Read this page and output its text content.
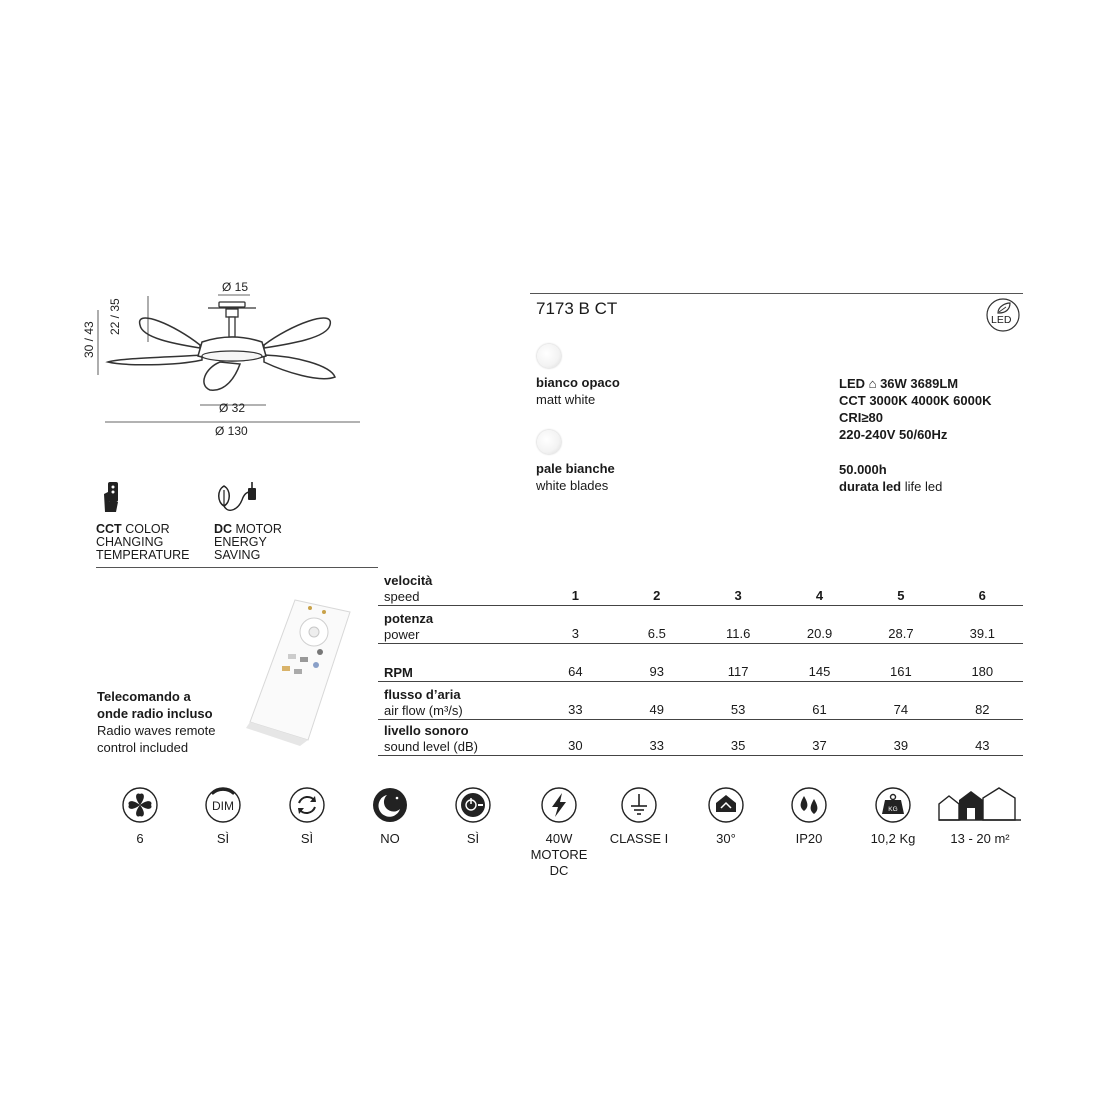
Ø 15
22 / 35
30 / 43
Ø 32
Ø 130
7173 B CT
LED
bianco opaco
matt white
pale bianche
white blades
LED ⌂ 36W 3689LM
CCT 3000K 4000K 6000K
CRI≥80
220-240V 50/60Hz
50.000h
durata led life led
CCT COLOR
CHANGING
TEMPERATURE
DC MOTOR
ENERGY
SAVING
Telecomando a
onde radio incluso
Radio waves remote
control included
velocità
speed	1	2	3	4	5	6

potenza
power	3	6.5	11.6	20.9	28.7	39.1

RPM	64	93	117	145	161	180

flusso d’aria
air flow (m³/s)	33	49	53	61	74	82

livello sonoro
sound level (dB)	30	33	35	37	39	43
6
DIM
SÌ	SÌ	NO	SÌ	40W
MOTORE
DC
CLASSE I	30°	IP20
KG
10,2 Kg	13 - 20 m²
